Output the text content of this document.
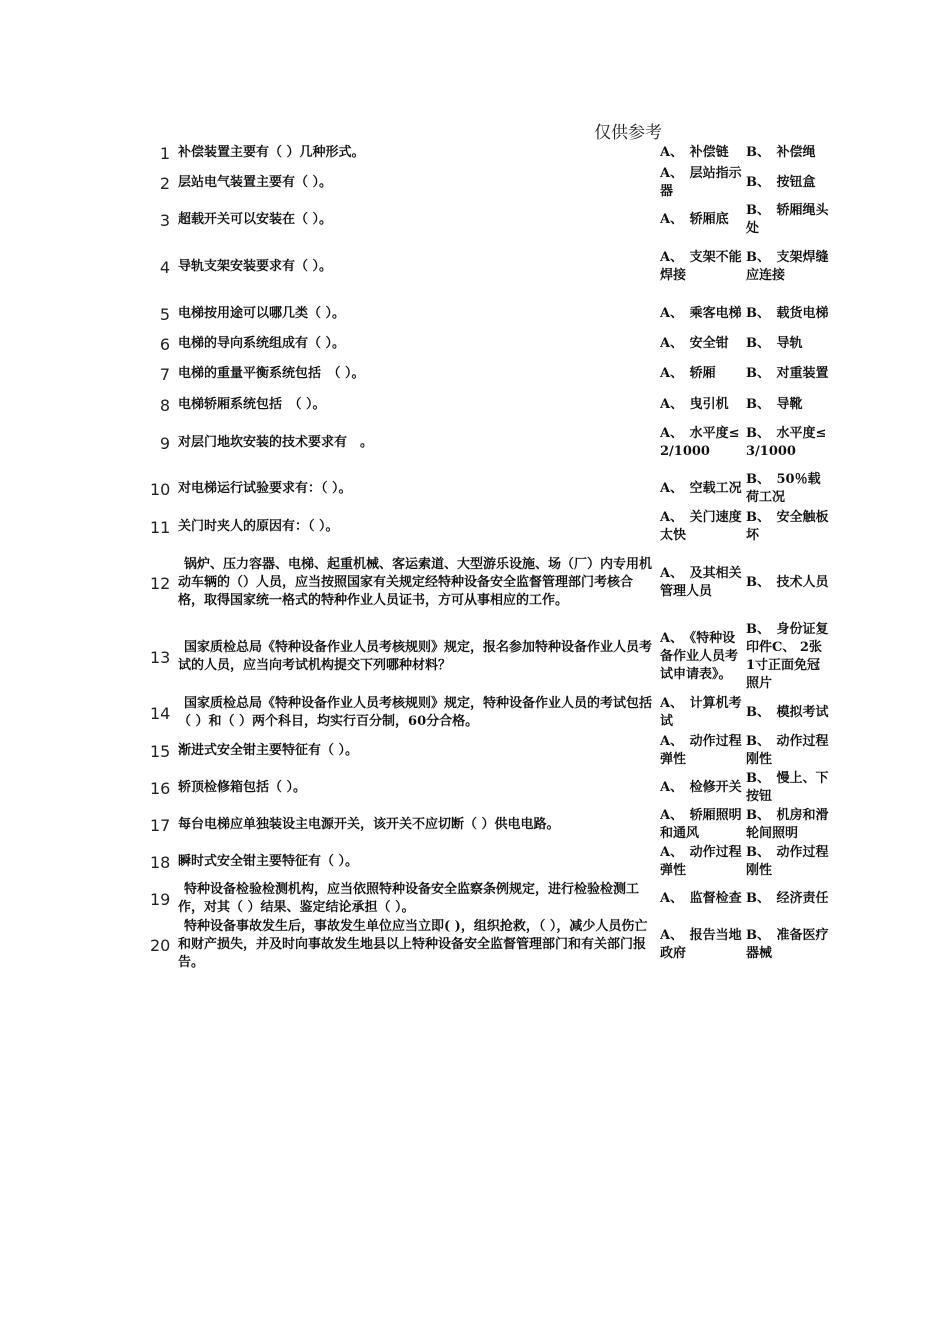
仅供参考
1	补偿装置主要有（ ）几种形式。	A、　补偿链	B、　补偿绳
2	层站电气装置主要有（ ）。	A、　层站指示器	B、　按钮盒
3	超载开关可以安装在（ ）。	A、　轿厢底	B、　轿厢绳头处
4	导轨支架安装要求有（ ）。	A、　支架不能焊接	B、　支架焊缝应连接
5	电梯按用途可以哪几类（ ）。	A、　乘客电梯	B、　载货电梯
6	电梯的导向系统组成有（ ）。	A、　安全钳	B、　导轨
7	电梯的重量平衡系统包括　（ ）。	A、　轿厢	B、　对重装置
8	电梯轿厢系统包括　（ ）。	A、　曳引机	B、　导靴
9	对层门地坎安装的技术要求有　。	A、　水平度≤2/1000	B、　水平度≤3/1000
10	对电梯运行试验要求有：（ ）。	A、　空载工况	B、　50％载荷工况
11	关门时夹人的原因有：（ ）。	A、　关门速度太快	B、　安全触板坏
12	锅炉、压力容器、电梯、起重机械、客运索道、大型游乐设施、场（厂）内专用机动车辆的（）人员，应当按照国家有关规定经特种设备安全监督管理部门考核合格，取得国家统一格式的特种作业人员证书，方可从事相应的工作。	A、　及其相关管理人员	B、　技术人员
13	国家质检总局《特种设备作业人员考核规则》规定，报名参加特种设备作业人员考试的人员，应当向考试机构提交下列哪种材料？	A、　《特种设备作业人员考试申请表》。	B、　身份证复印件C、 2张1寸正面免冠照片
14	国家质检总局《特种设备作业人员考核规则》规定，特种设备作业人员的考试包括（ ）和（ ）两个科目，均实行百分制，60分合格。	A、　计算机考试	B、　模拟考试
15	渐进式安全钳主要特征有（ ）。	A、　动作过程弹性	B、　动作过程刚性
16	轿顶检修箱包括（ ）。	A、　检修开关	B、　慢上、下按钮
17	每台电梯应单独装设主电源开关，该开关不应切断（ ）供电电路。	A、　轿厢照明和通风	B、　机房和滑轮间照明
18	瞬时式安全钳主要特征有（ ）。	A、　动作过程弹性	B、　动作过程刚性
19	特种设备检验检测机构，应当依照特种设备安全监察条例规定，进行检验检测工作，对其（ ）结果、鉴定结论承担（ ）。	A、　监督检查	B、　经济责任
20	特种设备事故发生后，事故发生单位应当立即( )，组织抢救，（ ），减少人员伤亡和财产损失，并及时向事故发生地县以上特种设备安全监督管理部门和有关部门报告。	A、　报告当地政府	B、　准备医疗器械
